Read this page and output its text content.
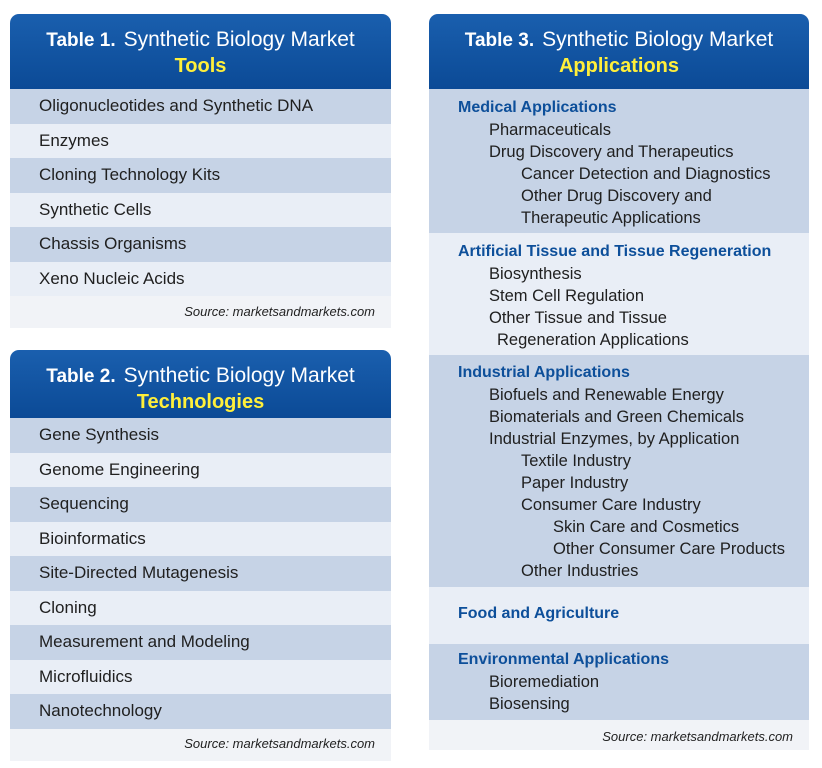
Table 1. Synthetic Biology Market
Tools
Oligonucleotides and Synthetic DNA
Enzymes
Cloning Technology Kits
Synthetic Cells
Chassis Organisms
Xeno Nucleic Acids
Source: marketsandmarkets.com
Table 2. Synthetic Biology Market
Technologies
Gene Synthesis
Genome Engineering
Sequencing
Bioinformatics
Site-Directed Mutagenesis
Cloning
Measurement and Modeling
Microfluidics
Nanotechnology
Source: marketsandmarkets.com
Table 3. Synthetic Biology Market
Applications
Medical Applications
Pharmaceuticals
Drug Discovery and Therapeutics
Cancer Detection and Diagnostics
Other Drug Discovery and
Therapeutic Applications
Artificial Tissue and Tissue Regeneration
Biosynthesis
Stem Cell Regulation
Other Tissue and Tissue
Regeneration Applications
Industrial Applications
Biofuels and Renewable Energy
Biomaterials and Green Chemicals
Industrial Enzymes, by Application
Textile Industry
Paper Industry
Consumer Care Industry
Skin Care and Cosmetics
Other Consumer Care Products
Other Industries
Food and Agriculture
Environmental Applications
Bioremediation
Biosensing
Source: marketsandmarkets.com
